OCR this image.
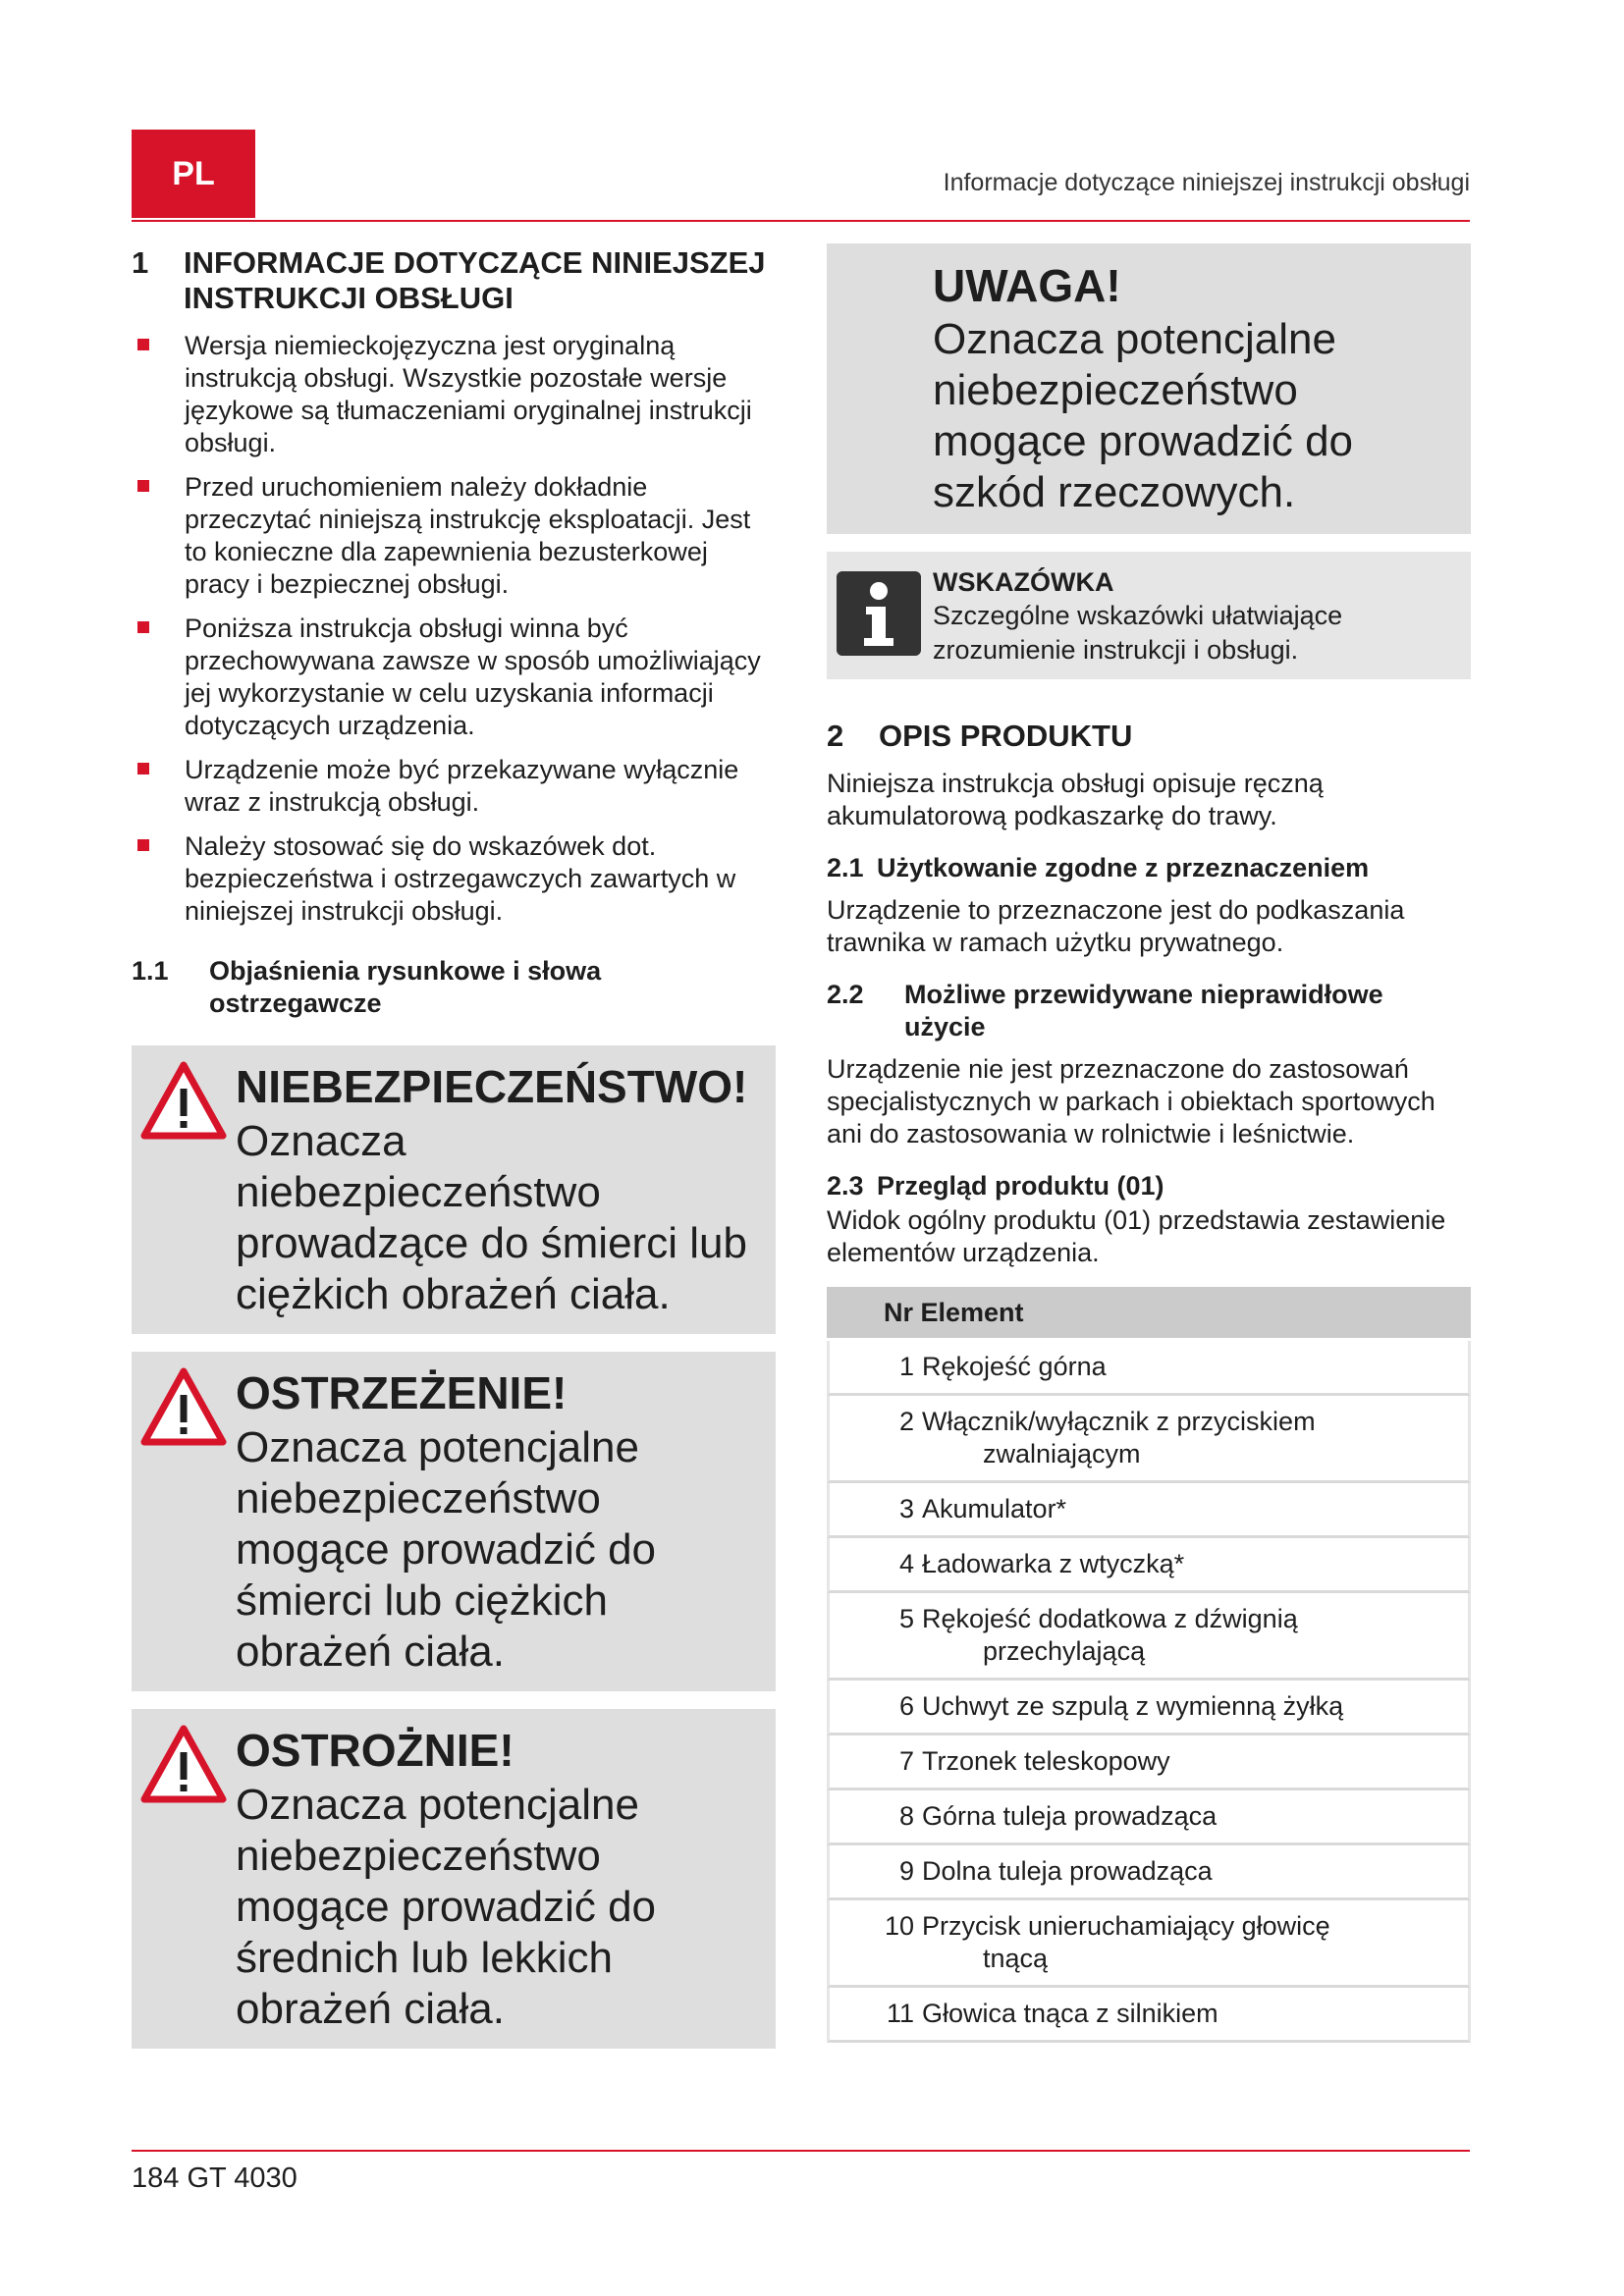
PL	Informacje dotyczące niniejszej instrukcji obsługi
1 INFORMACJE DOTYCZĄCE NINIEJSZEJ INSTRUKCJI OBSŁUGI
Wersja niemieckojęzyczna jest oryginalną instrukcją obsługi. Wszystkie pozostałe wersje językowe są tłumaczeniami oryginalnej instrukcji obsługi.
Przed uruchomieniem należy dokładnie przeczytać niniejszą instrukcję eksploatacji. Jest to konieczne dla zapewnienia bezusterkowej pracy i bezpiecznej obsługi.
Poniższa instrukcja obsługi winna być przechowywana zawsze w sposób umożliwiający jej wykorzystanie w celu uzyskania informacji dotyczących urządzenia.
Urządzenie może być przekazywane wyłącznie wraz z instrukcją obsługi.
Należy stosować się do wskazówek dot. bezpieczeństwa i ostrzegawczych zawartych w niniejszej instrukcji obsługi.
1.1 Objaśnienia rysunkowe i słowa ostrzegawcze
NIEBEZPIECZEŃSTWO!
Oznacza niebezpieczeństwo prowadzące do śmierci lub ciężkich obrażeń ciała.
OSTRZEŻENIE!
Oznacza potencjalne niebezpieczeństwo mogące prowadzić do śmierci lub ciężkich obrażeń ciała.
OSTROŻNIE!
Oznacza potencjalne niebezpieczeństwo mogące prowadzić do średnich lub lekkich obrażeń ciała.
UWAGA!
Oznacza potencjalne niebezpieczeństwo mogące prowadzić do szkód rzeczowych.
WSKAZÓWKA
Szczególne wskazówki ułatwiające zrozumienie instrukcji i obsługi.
2 OPIS PRODUKTU

Niniejsza instrukcja obsługi opisuje ręczną akumulatorową podkaszarkę do trawy.

2.1 Użytkowanie zgodne z przeznaczeniem

Urządzenie to przeznaczone jest do podkaszania trawnika w ramach użytku prywatnego.

2.2 Możliwe przewidywane nieprawidłowe użycie

Urządzenie nie jest przeznaczone do zastosowań specjalistycznych w parkach i obiektach sportowych ani do zastosowania w rolnictwie i leśnictwie.

2.3 Przegląd produktu (01)

Widok ogólny produktu (01) przedstawia zestawienie elementów urządzenia.

Nr Element
1 Rękojeść górna
2 Włącznik/wyłącznik z przyciskiem
zwalniającym
3 Akumulator*
4 Ładowarka z wtyczką*
5 Rękojeść dodatkowa z dźwignią
przechylającą
6 Uchwyt ze szpulą z wymienną żyłką
7 Trzonek teleskopowy
8 Górna tuleja prowadząca
9 Dolna tuleja prowadząca
10 Przycisk unieruchamiający głowicę
tnącą
11 Głowica tnąca z silnikiem
184 GT 4030
